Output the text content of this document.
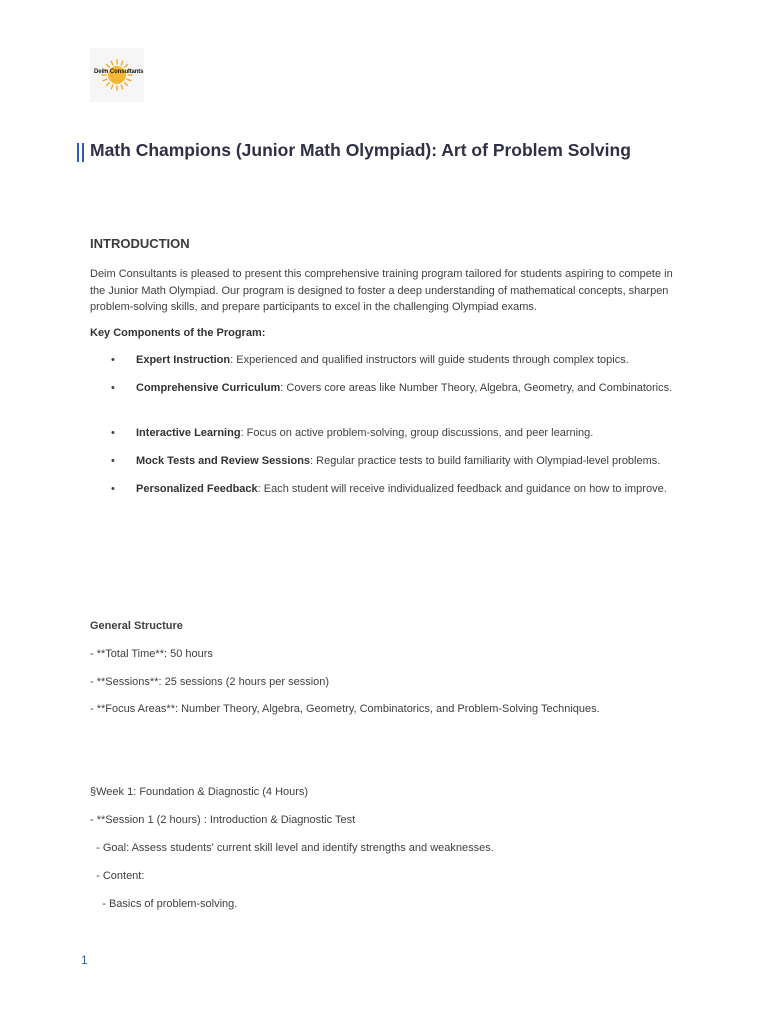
Deim Consultants
Math Champions (Junior Math Olympiad): Art of Problem Solving
INTRODUCTION

Deim Consultants is pleased to present this comprehensive training program tailored for students aspiring to compete in the Junior Math Olympiad. Our program is designed to foster a deep understanding of mathematical concepts, sharpen problem-solving skills, and prepare participants to excel in the challenging Olympiad exams.

Key Components of the Program:

•	Expert Instruction: Experienced and qualified instructors will guide students through complex topics.
•	Comprehensive Curriculum: Covers core areas like Number Theory, Algebra, Geometry, and Combinatorics.
•	Interactive Learning: Focus on active problem-solving, group discussions, and peer learning.
•	Mock Tests and Review Sessions: Regular practice tests to build familiarity with Olympiad-level problems.
•	Personalized Feedback: Each student will receive individualized feedback and guidance on how to improve.
General Structure
- **Total Time**: 50 hours
- **Sessions**: 25 sessions (2 hours per session)
- **Focus Areas**: Number Theory, Algebra, Geometry, Combinatorics, and Problem-Solving Techniques.
§Week 1: Foundation & Diagnostic (4 Hours)
- **Session 1 (2 hours) : Introduction & Diagnostic Test
- Goal: Assess students' current skill level and identify strengths and weaknesses.
- Content:
- Basics of problem-solving.
1
